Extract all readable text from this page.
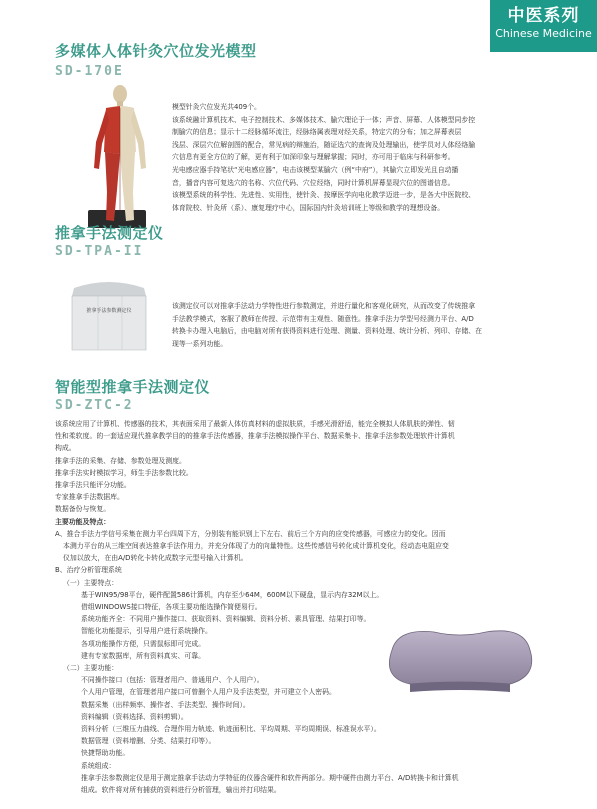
中医系列
Chinese Medicine
多媒体人体针灸穴位发光模型
SD-170E

模型针灸穴位发光共409个。

该系统融计算机技术、电子控制技术、多媒体技术、腧穴理论于一体；声音、屏幕、人体模型同步控

制腧穴的信息；显示十二经脉循环流注，经脉络属表理对经关系，特定穴的分布；加之屏幕表层

浅层、深层穴位解剖图的配合，常见病的辩施治，随证选穴的查询及处理输出，使学员对人体经络腧

穴信息有更全方位的了解，更有利于加深印象与理解掌握；同时，亦可用于临床与科研参考。

光电感应器手持笔状“光电感应器”，电击该模型某腧穴（例“中府”），其腧穴立即发光且自动播

音，播音内容可复选穴的名称、穴位代码、穴位经络，同时计算机屏幕显现穴位的图谱信息。

该模型系统的科学性、先进性、实用性，使针灸、按摩医学向电化教学迈进一步，是各大中医院校、

体育院校、针灸所（系）、康复理疗中心，国际国内针灸培训班上等级和教学的理想设备。

推拿手法测定仪
SD-TPA-II
推拿手法参数测定仪

该测定仪可以对推拿手法动力学特性进行参数测定，并进行量化和客观化研究，从而改变了传统推拿

手法教学模式，客服了教师在传授、示范带有主观性、随意性。推拿手法力学型号经测力平台、A/D

转换卡办理入电脑后，由电脑对所有获得资料进行处理、测量、资料处理、统计分析、列印、存储、在

现等一系列功能。

智能型推拿手法测定仪
SD-ZTC-2

该系统应用了计算机、传感器的技术，其表面采用了最新人体仿真材料的虚拟肤质，手感光滑舒适，能完全模拟人体肌肤的弹性、韧

性和柔软度。的一套适应现代推拿教学目的的推拿手法传感器，推拿手法模拟操作平台、数据采集卡、推拿手法参数处理软件计算机

构成。

推拿手法的采集、存储、参数处理及测度。

推拿手法实时模拟学习，师生手法参数比较。

推拿手法只能评分功能。

专家推拿手法数据库。

数据备份与恢复。

主要功能及特点：

A、推合手法力学信号采集在测力平台四周下方，分别装有能识别上下左右、前后三个方向的应变传感器，可感应力的变化。因而

本测力平台的从三维空间表达推拿手法作用力，并充分体现了力的向量特性。这些传感信号转化成计算机变化，经动态电阻应变

仪加以放大，在由A/D转化卡转化成数字元型号输入计算机。

B、治疗分析管理系统

（一）主要特点：

基于WIN95/98平台，硬件配置586计算机，内存至少64M，600M以下硬盘，显示内存32M以上。

借组WINDOWS接口特征，各项主要功能选操作简便易行。

系统功能齐全：不同用户操作接口、获取资料、资料编辑、资料分析、素具管理、结果打印等。

智能化功能提示，引导用户进行系统操作。

各项功能操作方便，只需鼠标即可完成。

建有专家数据库，所有资料真实、可靠。

（二）主要功能：

不同操作接口（包括：管理者用户、普通用户、个人用户）。

个人用户管理，在管理者用户接口可曾删个人用户及手法类型，并可建立个人密码。

数据采集（出样频率、操作者、手法类型、操作时间）。

资料编辑（资料选择、资料剪辑）。

资料分析（三维压力曲线、合理作用力轨迹、轨迹面积比、平均周期、平均周期误、标准误水平）。

数据管理（资料增删、分类、结果打印等）。

快捷帮助功能。

系统组成：

推拿手法参数测定仪是用于测定推拿手法动力学特征的仪器含硬件和软件两部分。期中硬件由测力平台、A/D转换卡和计算机

组成。软件将对所有捕获的资料进行分析管理，输出并打印结果。
